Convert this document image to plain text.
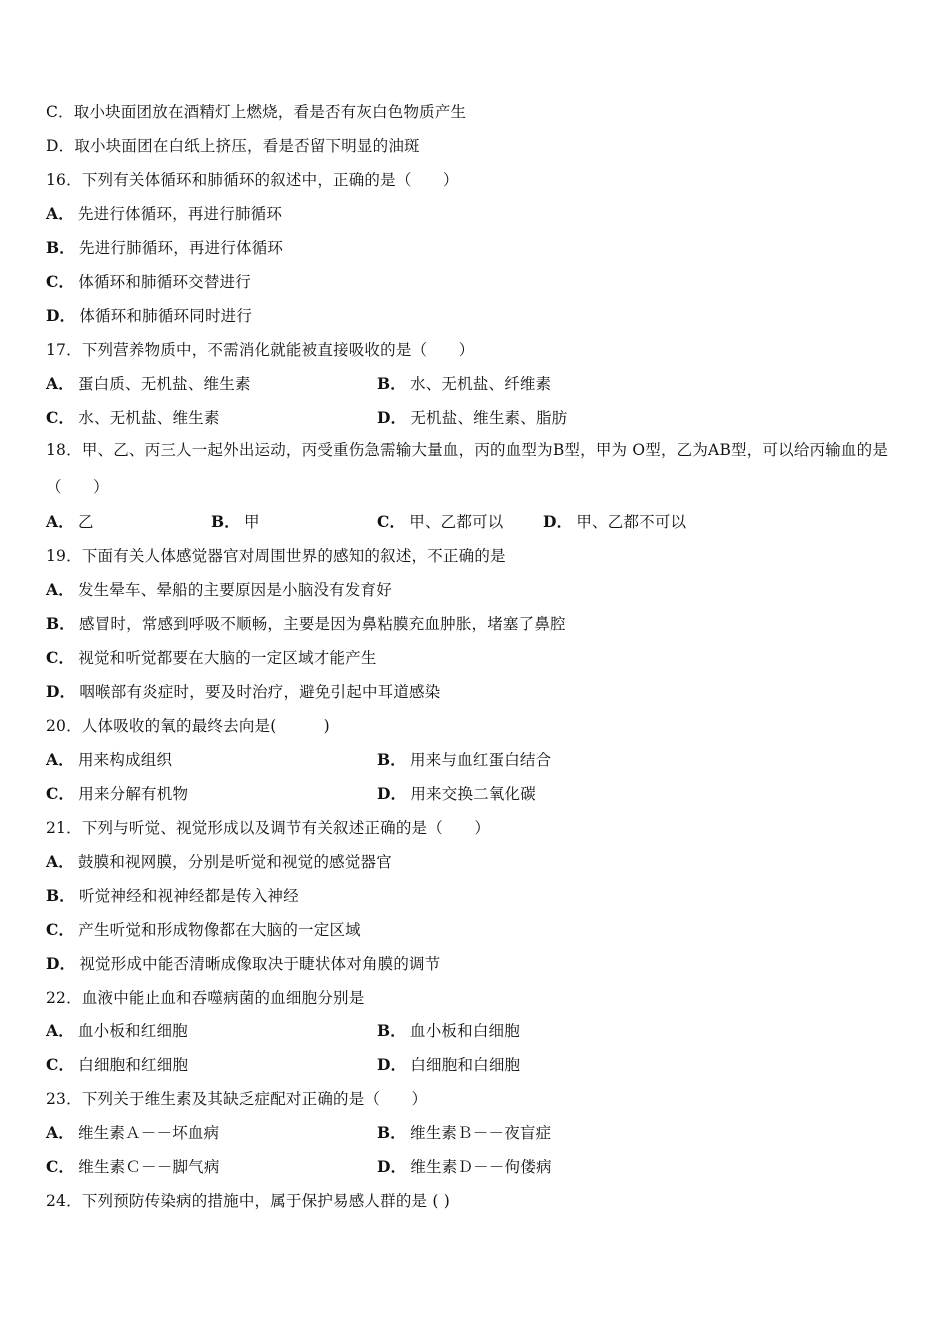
C．取小块面团放在酒精灯上燃烧，看是否有灰白色物质产生
D．取小块面团在白纸上挤压，看是否留下明显的油斑
16．下列有关体循环和肺循环的叙述中，正确的是（　　）
A． 先进行体循环，再进行肺循环
B． 先进行肺循环，再进行体循环
C． 体循环和肺循环交替进行
D． 体循环和肺循环同时进行
17．下列营养物质中，不需消化就能被直接吸收的是（　　）
A． 蛋白质、无机盐、维生素	B． 水、无机盐、纤维素
C． 水、无机盐、维生素	D． 无机盐、维生素、脂肪
18．甲、乙、丙三人一起外出运动，丙受重伤急需输大量血，丙的血型为B型，甲为 O型，乙为AB型，可以给丙输血的是（　　）
A． 乙	B． 甲	C． 甲、乙都可以	D． 甲、乙都不可以
19．下面有关人体感觉器官对周围世界的感知的叙述，不正确的是
A． 发生晕车、晕船的主要原因是小脑没有发育好
B． 感冒时，常感到呼吸不顺畅，主要是因为鼻粘膜充血肿胀，堵塞了鼻腔
C． 视觉和听觉都要在大脑的一定区域才能产生
D． 咽喉部有炎症时，要及时治疗，避免引起中耳道感染
20．人体吸收的氧的最终去向是(　　　)
A． 用来构成组织	B． 用来与血红蛋白结合
C． 用来分解有机物	D． 用来交换二氧化碳
21．下列与听觉、视觉形成以及调节有关叙述正确的是（　　）
A． 鼓膜和视网膜，分别是听觉和视觉的感觉器官
B． 听觉神经和视神经都是传入神经
C． 产生听觉和形成物像都在大脑的一定区域
D． 视觉形成中能否清晰成像取决于睫状体对角膜的调节
22．血液中能止血和吞噬病菌的血细胞分别是
A． 血小板和红细胞	B． 血小板和白细胞
C． 白细胞和红细胞	D． 白细胞和白细胞
23．下列关于维生素及其缺乏症配对正确的是（　　）
A． 维生素Ａ－－坏血病	B． 维生素Ｂ－－夜盲症
C． 维生素Ｃ－－脚气病	D． 维生素Ｄ－－佝偻病
24．下列预防传染病的措施中，属于保护易感人群的是 ( )
